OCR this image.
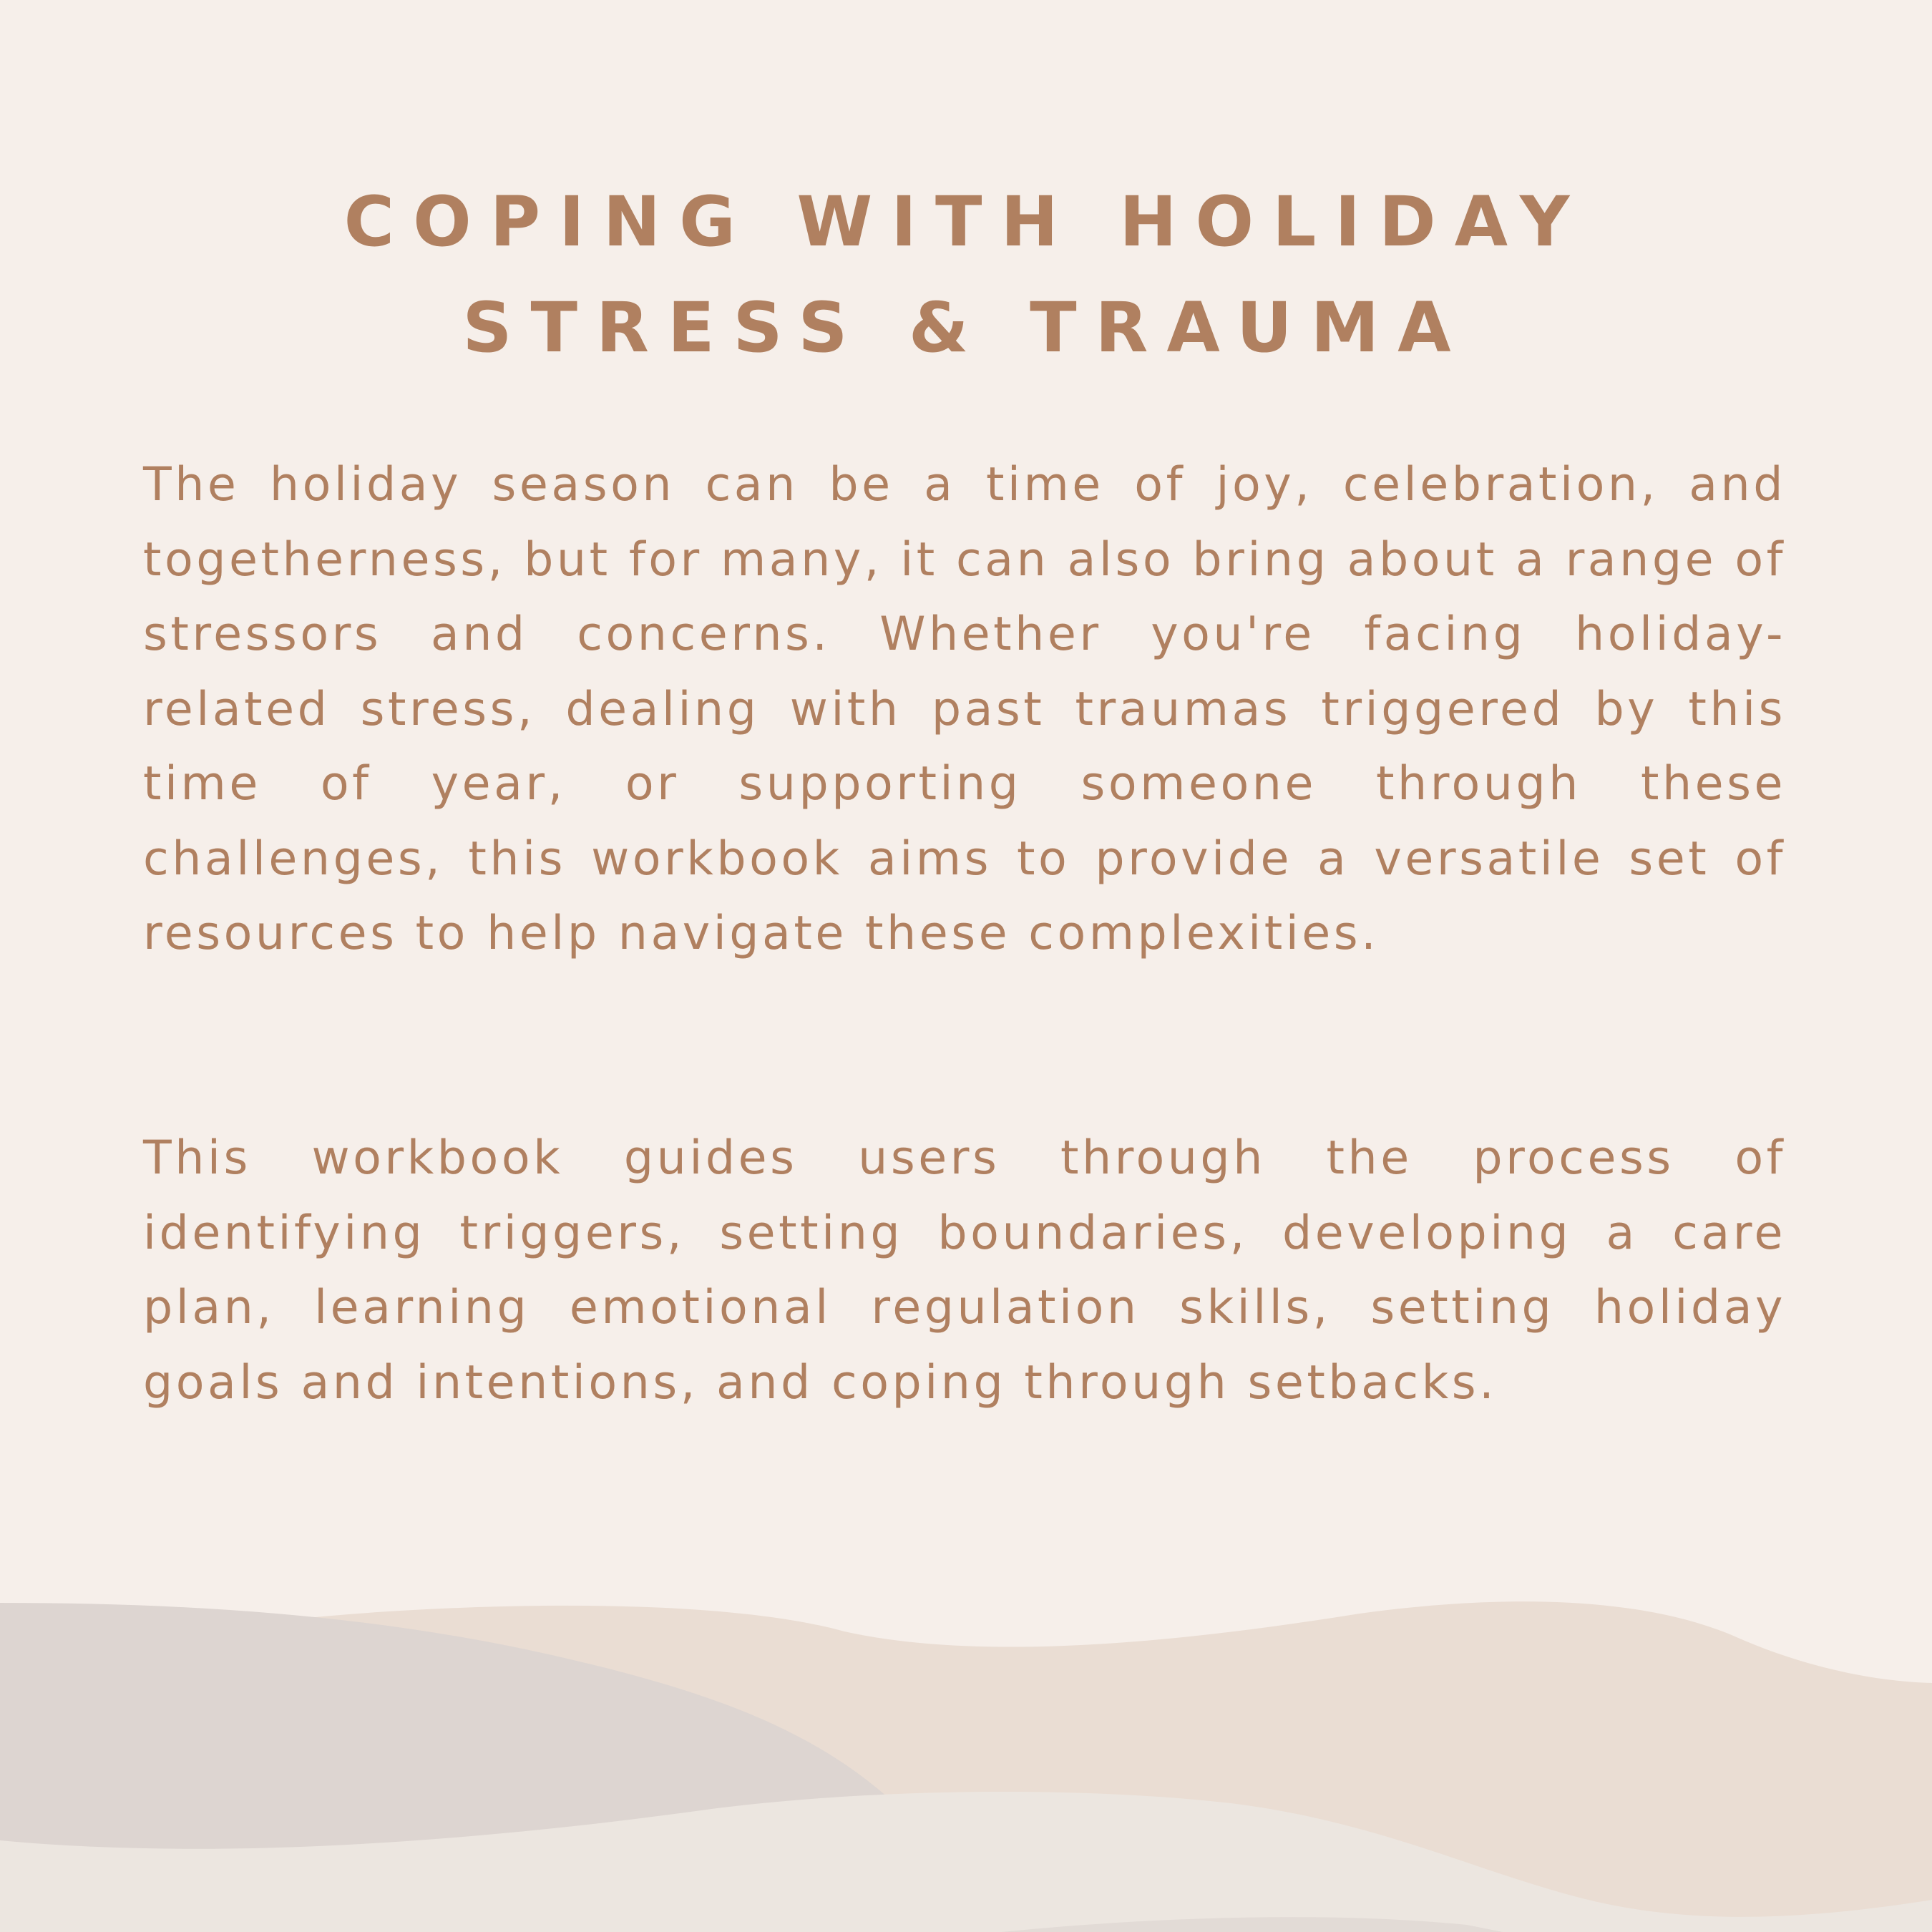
COPING WITH HOLIDAY
STRESS & TRAUMA

The holiday season can be a time of joy, celebration, and togetherness, but for many, it can also bring about a range of stressors and concerns. Whether you're facing holiday-related stress, dealing with past traumas triggered by this time of year, or supporting someone through these challenges, this workbook aims to provide a versatile set of resources to help navigate these complexities.

This workbook guides users through the process of identifying triggers, setting boundaries, developing a care plan, learning emotional regulation skills, setting holiday goals and intentions, and coping through setbacks.
